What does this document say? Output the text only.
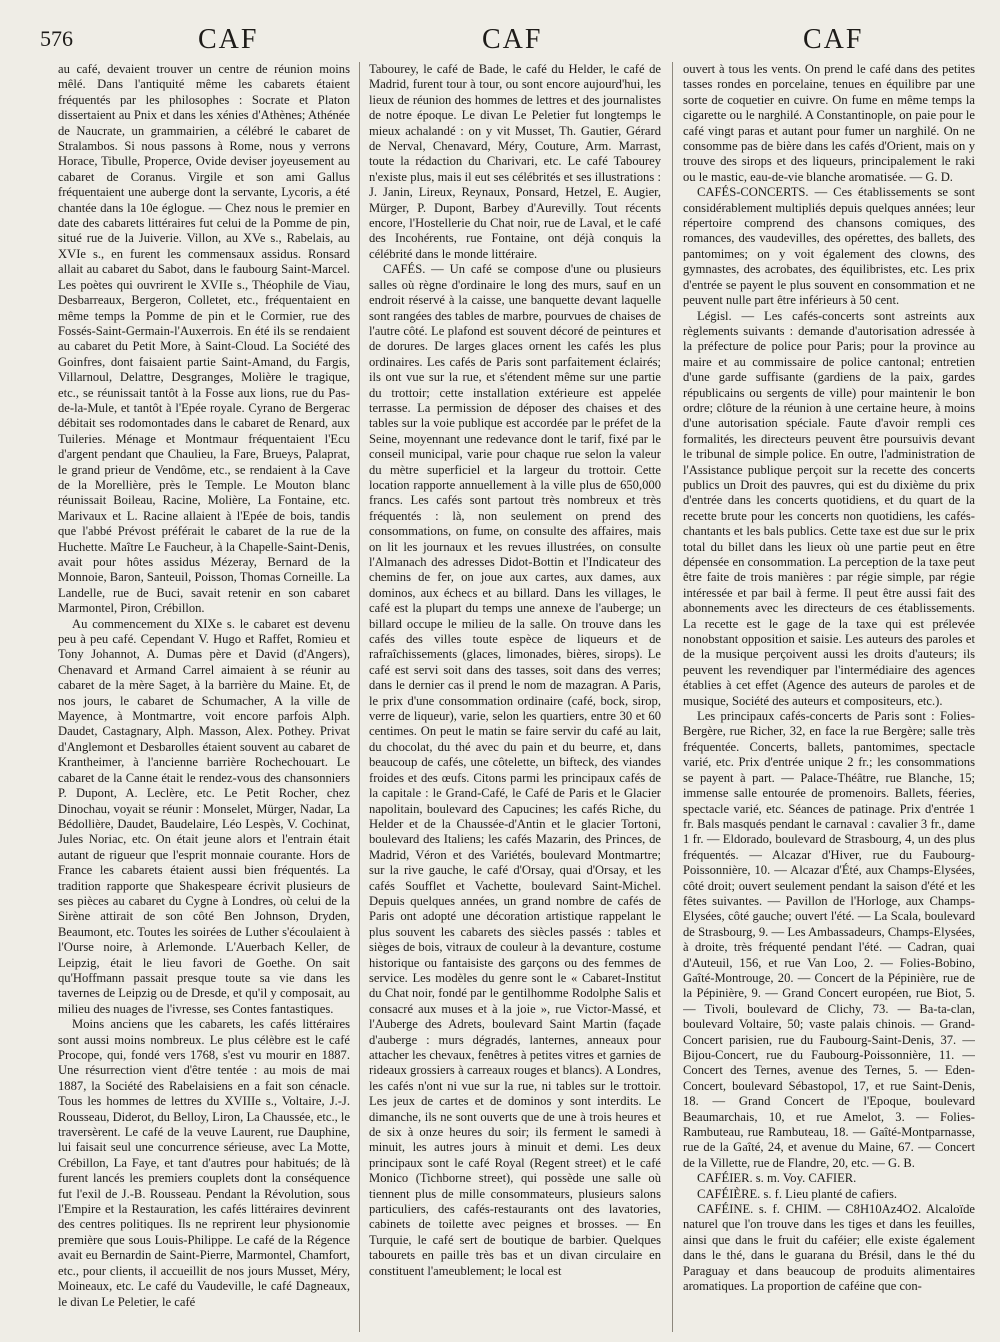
576	CAF	CAF	CAF

au café, devaient trouver un centre de réunion moins mêlé. Dans l'antiquité même les cabarets étaient fréquentés par les philosophes : Socrate et Platon dissertaient au Pnix et dans les xénies d'Athènes; Athénée de Naucrate, un grammairien, a célébré le cabaret de Stralambos. Si nous passons à Rome, nous y verrons Horace, Tibulle, Properce, Ovide deviser joyeusement au cabaret de Coranus. Virgile et son ami Gallus fréquentaient une auberge dont la servante, Lycoris, a été chantée dans la 10e églogue. — Chez nous le premier en date des cabarets littéraires fut celui de la Pomme de pin, situé rue de la Juiverie. Villon, au XVe s., Rabelais, au XVIe s., en furent les commensaux assidus. Ronsard allait au cabaret du Sabot, dans le faubourg Saint-Marcel. Les poètes qui ouvrirent le XVIIe s., Théophile de Viau, Desbarreaux, Bergeron, Colletet, etc., fréquentaient en même temps la Pomme de pin et le Cormier, rue des Fossés-Saint-Germain-l'Auxerrois. En été ils se rendaient au cabaret du Petit More, à Saint-Cloud. La Société des Goinfres, dont faisaient partie Saint-Amand, du Fargis, Villarnoul, Delattre, Desgranges, Molière le tragique, etc., se réunissait tantôt à la Fosse aux lions, rue du Pas-de-la-Mule, et tantôt à l'Epée royale. Cyrano de Bergerac débitait ses rodomontades dans le cabaret de Renard, aux Tuileries. Ménage et Montmaur fréquentaient l'Ecu d'argent pendant que Chaulieu, la Fare, Brueys, Palaprat, le grand prieur de Vendôme, etc., se rendaient à la Cave de la Morellière, près le Temple. Le Mouton blanc réunissait Boileau, Racine, Molière, La Fontaine, etc. Marivaux et L. Racine allaient à l'Epée de bois, tandis que l'abbé Prévost préférait le cabaret de la rue de la Huchette. Maître Le Faucheur, à la Chapelle-Saint-Denis, avait pour hôtes assidus Mézeray, Bernard de la Monnoie, Baron, Santeuil, Poisson, Thomas Corneille. La Landelle, rue de Buci, savait retenir en son cabaret Marmontel, Piron, Crébillon.

Au commencement du XIXe s. le cabaret est devenu peu à peu café. Cependant V. Hugo et Raffet, Romieu et Tony Johannot, A. Dumas père et David (d'Angers), Chenavard et Armand Carrel aimaient à se réunir au cabaret de la mère Saget, à la barrière du Maine. Et, de nos jours, le cabaret de Schumacher, A la ville de Mayence, à Montmartre, voit encore parfois Alph. Daudet, Castagnary, Alph. Masson, Alex. Pothey. Privat d'Anglemont et Desbarolles étaient souvent au cabaret de Krantheimer, à l'ancienne barrière Rochechouart. Le cabaret de la Canne était le rendez-vous des chansonniers P. Dupont, A. Leclère, etc. Le Petit Rocher, chez Dinochau, voyait se réunir : Monselet, Mürger, Nadar, La Bédollière, Daudet, Baudelaire, Léo Lespès, V. Cochinat, Jules Noriac, etc. On était jeune alors et l'entrain était autant de rigueur que l'esprit monnaie courante. Hors de France les cabarets étaient aussi bien fréquentés. La tradition rapporte que Shakespeare écrivit plusieurs de ses pièces au cabaret du Cygne à Londres, où celui de la Sirène attirait de son côté Ben Johnson, Dryden, Beaumont, etc. Toutes les soirées de Luther s'écoulaient à l'Ourse noire, à Arlemonde. L'Auerbach Keller, de Leipzig, était le lieu favori de Goethe. On sait qu'Hoffmann passait presque toute sa vie dans les tavernes de Leipzig ou de Dresde, et qu'il y composait, au milieu des nuages de l'ivresse, ses Contes fantastiques.

Moins anciens que les cabarets, les cafés littéraires sont aussi moins nombreux. Le plus célèbre est le café Procope, qui, fondé vers 1768, s'est vu mourir en 1887. Une résurrection vient d'être tentée : au mois de mai 1887, la Société des Rabelaisiens en a fait son cénacle. Tous les hommes de lettres du XVIIIe s., Voltaire, J.-J. Rousseau, Diderot, du Belloy, Liron, La Chaussée, etc., le traversèrent. Le café de la veuve Laurent, rue Dauphine, lui faisait seul une concurrence sérieuse, avec La Motte, Crébillon, La Faye, et tant d'autres pour habitués; de là furent lancés les premiers couplets dont la conséquence fut l'exil de J.-B. Rousseau. Pendant la Révolution, sous l'Empire et la Restauration, les cafés littéraires devinrent des centres politiques. Ils ne reprirent leur physionomie première que sous Louis-Philippe. Le café de la Régence avait eu Bernardin de Saint-Pierre, Marmontel, Chamfort, etc., pour clients, il accueillit de nos jours Musset, Méry, Moineaux, etc. Le café du Vaudeville, le café Dagneaux, le divan Le Peletier, le café

Tabourey, le café de Bade, le café du Helder, le café de Madrid, furent tour à tour, ou sont encore aujourd'hui, les lieux de réunion des hommes de lettres et des journalistes de notre époque. Le divan Le Peletier fut longtemps le mieux achalandé : on y vit Musset, Th. Gautier, Gérard de Nerval, Chenavard, Méry, Couture, Arm. Marrast, toute la rédaction du Charivari, etc. Le café Tabourey n'existe plus, mais il eut ses célébrités et ses illustrations : J. Janin, Lireux, Reynaux, Ponsard, Hetzel, E. Augier, Mürger, P. Dupont, Barbey d'Aurevilly. Tout récents encore, l'Hostellerie du Chat noir, rue de Laval, et le café des Incohérents, rue Fontaine, ont déjà conquis la célébrité dans le monde littéraire.

CAFÉS. — Un café se compose d'une ou plusieurs salles où règne d'ordinaire le long des murs, sauf en un endroit réservé à la caisse, une banquette devant laquelle sont rangées des tables de marbre, pourvues de chaises de l'autre côté. Le plafond est souvent décoré de peintures et de dorures. De larges glaces ornent les cafés les plus ordinaires. Les cafés de Paris sont parfaitement éclairés; ils ont vue sur la rue, et s'étendent même sur une partie du trottoir; cette installation extérieure est appelée terrasse. La permission de déposer des chaises et des tables sur la voie publique est accordée par le préfet de la Seine, moyennant une redevance dont le tarif, fixé par le conseil municipal, varie pour chaque rue selon la valeur du mètre superficiel et la largeur du trottoir. Cette location rapporte annuellement à la ville plus de 650,000 francs. Les cafés sont partout très nombreux et très fréquentés : là, non seulement on prend des consommations, on fume, on consulte des affaires, mais on lit les journaux et les revues illustrées, on consulte l'Almanach des adresses Didot-Bottin et l'Indicateur des chemins de fer, on joue aux cartes, aux dames, aux dominos, aux échecs et au billard. Dans les villages, le café est la plupart du temps une annexe de l'auberge; un billard occupe le milieu de la salle. On trouve dans les cafés des villes toute espèce de liqueurs et de rafraîchissements (glaces, limonades, bières, sirops). Le café est servi soit dans des tasses, soit dans des verres; dans le dernier cas il prend le nom de mazagran. A Paris, le prix d'une consommation ordinaire (café, bock, sirop, verre de liqueur), varie, selon les quartiers, entre 30 et 60 centimes. On peut le matin se faire servir du café au lait, du chocolat, du thé avec du pain et du beurre, et, dans beaucoup de cafés, une côtelette, un bifteck, des viandes froides et des œufs. Citons parmi les principaux cafés de la capitale : le Grand-Café, le Café de Paris et le Glacier napolitain, boulevard des Capucines; les cafés Riche, du Helder et de la Chaussée-d'Antin et le glacier Tortoni, boulevard des Italiens; les cafés Mazarin, des Princes, de Madrid, Véron et des Variétés, boulevard Montmartre; sur la rive gauche, le café d'Orsay, quai d'Orsay, et les cafés Soufflet et Vachette, boulevard Saint-Michel. Depuis quelques années, un grand nombre de cafés de Paris ont adopté une décoration artistique rappelant le plus souvent les cabarets des siècles passés : tables et sièges de bois, vitraux de couleur à la devanture, costume historique ou fantaisiste des garçons ou des femmes de service. Les modèles du genre sont le « Cabaret-Institut du Chat noir, fondé par le gentilhomme Rodolphe Salis et consacré aux muses et à la joie », rue Victor-Massé, et l'Auberge des Adrets, boulevard Saint Martin (façade d'auberge : murs dégradés, lanternes, anneaux pour attacher les chevaux, fenêtres à petites vitres et garnies de rideaux grossiers à carreaux rouges et blancs). A Londres, les cafés n'ont ni vue sur la rue, ni tables sur le trottoir. Les jeux de cartes et de dominos y sont interdits. Le dimanche, ils ne sont ouverts que de une à trois heures et de six à onze heures du soir; ils ferment le samedi à minuit, les autres jours à minuit et demi. Les deux principaux sont le café Royal (Regent street) et le café Monico (Tichborne street), qui possède une salle où tiennent plus de mille consommateurs, plusieurs salons particuliers, des cafés-restaurants ont des lavatories, cabinets de toilette avec peignes et brosses. — En Turquie, le café sert de boutique de barbier. Quelques tabourets en paille très bas et un divan circulaire en constituent l'ameublement; le local est

ouvert à tous les vents. On prend le café dans des petites tasses rondes en porcelaine, tenues en équilibre par une sorte de coquetier en cuivre. On fume en même temps la cigarette ou le narghilé. A Constantinople, on paie pour le café vingt paras et autant pour fumer un narghilé. On ne consomme pas de bière dans les cafés d'Orient, mais on y trouve des sirops et des liqueurs, principalement le raki ou le mastic, eau-de-vie blanche aromatisée. — G. D.

CAFÉS-CONCERTS. — Ces établissements se sont considérablement multipliés depuis quelques années; leur répertoire comprend des chansons comiques, des romances, des vaudevilles, des opérettes, des ballets, des pantomimes; on y voit également des clowns, des gymnastes, des acrobates, des équilibristes, etc. Les prix d'entrée se payent le plus souvent en consommation et ne peuvent nulle part être inférieurs à 50 cent.

Législ. — Les cafés-concerts sont astreints aux règlements suivants : demande d'autorisation adressée à la préfecture de police pour Paris; pour la province au maire et au commissaire de police cantonal; entretien d'une garde suffisante (gardiens de la paix, gardes républicains ou sergents de ville) pour maintenir le bon ordre; clôture de la réunion à une certaine heure, à moins d'une autorisation spéciale. Faute d'avoir rempli ces formalités, les directeurs peuvent être poursuivis devant le tribunal de simple police. En outre, l'administration de l'Assistance publique perçoit sur la recette des concerts publics un Droit des pauvres, qui est du dixième du prix d'entrée dans les concerts quotidiens, et du quart de la recette brute pour les concerts non quotidiens, les cafés-chantants et les bals publics. Cette taxe est due sur le prix total du billet dans les lieux où une partie peut en être dépensée en consommation. La perception de la taxe peut être faite de trois manières : par régie simple, par régie intéressée et par bail à ferme. Il peut être aussi fait des abonnements avec les directeurs de ces établissements. La recette est le gage de la taxe qui est prélevée nonobstant opposition et saisie. Les auteurs des paroles et de la musique perçoivent aussi les droits d'auteurs; ils peuvent les revendiquer par l'intermédiaire des agences établies à cet effet (Agence des auteurs de paroles et de musique, Société des auteurs et compositeurs, etc.).

Les principaux cafés-concerts de Paris sont : Folies-Bergère, rue Richer, 32, en face la rue Bergère; salle très fréquentée. Concerts, ballets, pantomimes, spectacle varié, etc. Prix d'entrée unique 2 fr.; les consommations se payent à part. — Palace-Théâtre, rue Blanche, 15; immense salle entourée de promenoirs. Ballets, féeries, spectacle varié, etc. Séances de patinage. Prix d'entrée 1 fr. Bals masqués pendant le carnaval : cavalier 3 fr., dame 1 fr. — Eldorado, boulevard de Strasbourg, 4, un des plus fréquentés. — Alcazar d'Hiver, rue du Faubourg-Poissonnière, 10. — Alcazar d'Été, aux Champs-Elysées, côté droit; ouvert seulement pendant la saison d'été et les fêtes suivantes. — Pavillon de l'Horloge, aux Champs-Elysées, côté gauche; ouvert l'été. — La Scala, boulevard de Strasbourg, 9. — Les Ambassadeurs, Champs-Elysées, à droite, très fréquenté pendant l'été. — Cadran, quai d'Auteuil, 156, et rue Van Loo, 2. — Folies-Bobino, Gaîté-Montrouge, 20. — Concert de la Pépinière, rue de la Pépinière, 9. — Grand Concert européen, rue Biot, 5. — Tivoli, boulevard de Clichy, 73. — Ba-ta-clan, boulevard Voltaire, 50; vaste palais chinois. — Grand-Concert parisien, rue du Faubourg-Saint-Denis, 37. — Bijou-Concert, rue du Faubourg-Poissonnière, 11. — Concert des Ternes, avenue des Ternes, 5. — Eden-Concert, boulevard Sébastopol, 17, et rue Saint-Denis, 18. — Grand Concert de l'Epoque, boulevard Beaumarchais, 10, et rue Amelot, 3. — Folies-Rambuteau, rue Rambuteau, 18. — Gaîté-Montparnasse, rue de la Gaîté, 24, et avenue du Maine, 67. — Concert de la Villette, rue de Flandre, 20, etc. — G. B.

CAFÉIER. s. m. Voy. CAFIER.

CAFÉIÈRE. s. f. Lieu planté de cafiers.

CAFÉINE. s. f. CHIM. — C8H10Az4O2. Alcaloïde naturel que l'on trouve dans les tiges et dans les feuilles, ainsi que dans le fruit du caféier; elle existe également dans le thé, dans le guarana du Brésil, dans le thé du Paraguay et dans beaucoup de produits alimentaires aromatiques. La proportion de caféine que con-
